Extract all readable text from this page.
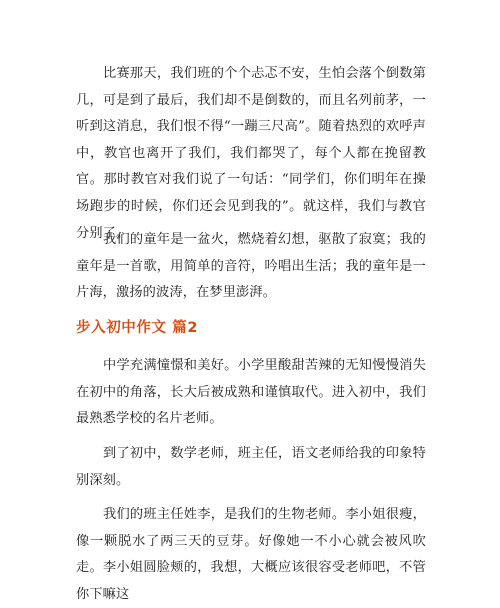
比赛那天，我们班的个个忐忑不安，生怕会落个倒数第几，可是到了最后，我们却不是倒数的，而且名列前茅，一听到这消息，我们恨不得“一蹦三尺高”。随着热烈的欢呼声中，教官也离开了我们，我们都哭了，每个人都在挽留教官。那时教官对我们说了一句话：“同学们，你们明年在操场跑步的时候，你们还会见到我的”。就这样，我们与教官分别了。

我们的童年是一盆火，燃烧着幻想，驱散了寂寞；我的童年是一首歌，用简单的音符，吟唱出生活；我的童年是一片海，激扬的波涛，在梦里澎湃。

步入初中作文 篇2

中学充满憧憬和美好。小学里酸甜苦辣的无知慢慢消失在初中的角落，长大后被成熟和谨慎取代。进入初中，我们最熟悉学校的名片老师。

到了初中，数学老师，班主任，语文老师给我的印象特别深刻。

我们的班主任姓李，是我们的生物老师。李小姐很瘦，像一颗脱水了两三天的豆芽。好像她一不小心就会被风吹走。李小姐圆脸颊的，我想，大概应该很容受老师吧，不管你下嘛这
